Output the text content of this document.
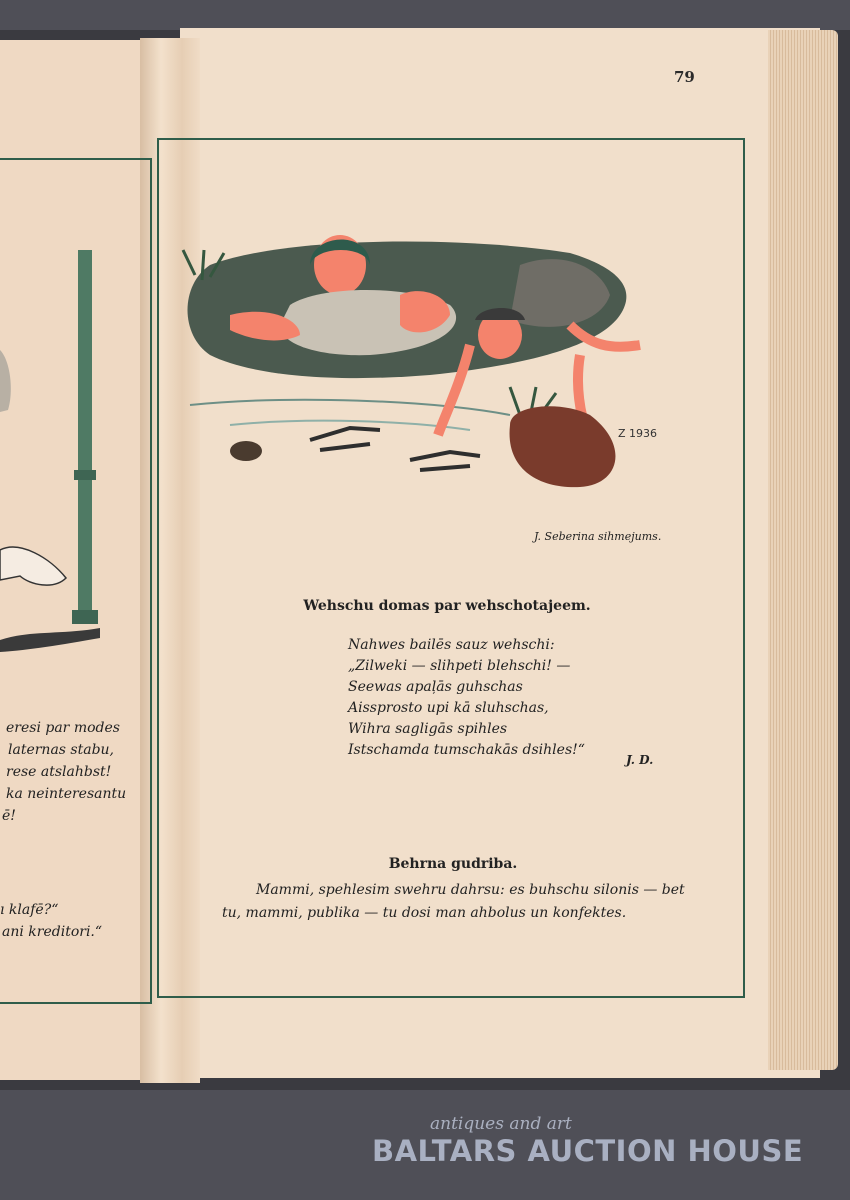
79
Z 1936
J. Seberina sihmejums.
Wehschu domas par wehschotajeem.
Nahwes bailēs sauz wehschi:
„Zilweki — slihpeti blehschi! —
Seewas apaļās guhschas
Aissprosto upi kā sluhschas,
Wihra sagligās spihles
Istschamda tumschakās dsihles!“
J. D.
Behrna gudriba.
Mammi, spehlesim swehru dahrsu: es buhschu silonis — bet
tu, mammi, publika — tu dosi man ahbolus un konfektes.
eresi par modes
laternas stabu,
rese atslahbst!
ka neinteresantu
ē!
ı klafē?“
ani kreditori.“
antiques and art
BALTARS AUCTION HOUSE
